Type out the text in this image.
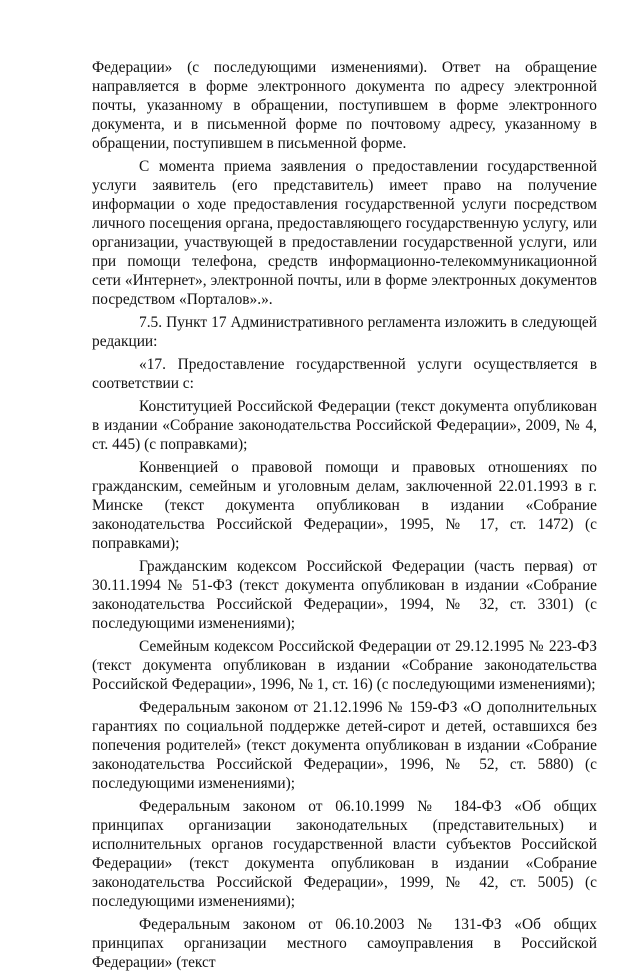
Федерации» (с последующими изменениями). Ответ на обращение направляется в форме электронного документа по адресу электронной почты, указанному в обращении, поступившем в форме электронного документа, и в письменной форме по почтовому адресу, указанному в обращении, поступившем в письменной форме.

С момента приема заявления о предоставлении государственной услуги заявитель (его представитель) имеет право на получение информации о ходе предоставления государственной услуги посредством личного посещения органа, предоставляющего государственную услугу, или организации, участвующей в предоставлении государственной услуги, или при помощи телефона, средств информационно-телекоммуникационной сети «Интернет», электронной почты, или в форме электронных документов посредством «Порталов».».

7.5. Пункт 17 Административного регламента изложить в следующей редакции:

«17. Предоставление государственной услуги осуществляется в соответствии с:

Конституцией Российской Федерации (текст документа опубликован в издании «Собрание законодательства Российской Федерации», 2009, № 4, ст. 445) (с поправками);

Конвенцией о правовой помощи и правовых отношениях по гражданским, семейным и уголовным делам, заключенной 22.01.1993 в г. Минске (текст документа опубликован в издании «Собрание законодательства Российской Федерации», 1995, № 17, ст. 1472) (с поправками);

Гражданским кодексом Российской Федерации (часть первая) от 30.11.1994 № 51-ФЗ (текст документа опубликован в издании «Собрание законодательства Российской Федерации», 1994, № 32, ст. 3301) (с последующими изменениями);

Семейным кодексом Российской Федерации от 29.12.1995 № 223-ФЗ (текст документа опубликован в издании «Собрание законодательства Российской Федерации», 1996, № 1, ст. 16) (с последующими изменениями);

Федеральным законом от 21.12.1996 № 159-ФЗ «О дополнительных гарантиях по социальной поддержке детей-сирот и детей, оставшихся без попечения родителей» (текст документа опубликован в издании «Собрание законодательства Российской Федерации», 1996, № 52, ст. 5880) (с последующими изменениями);

Федеральным законом от 06.10.1999 № 184-ФЗ «Об общих принципах организации законодательных (представительных) и исполнительных органов государственной власти субъектов Российской Федерации» (текст документа опубликован в издании «Собрание законодательства Российской Федерации», 1999, № 42, ст. 5005) (с последующими изменениями);

Федеральным законом от 06.10.2003 № 131-ФЗ «Об общих принципах организации местного самоуправления в Российской Федерации» (текст
